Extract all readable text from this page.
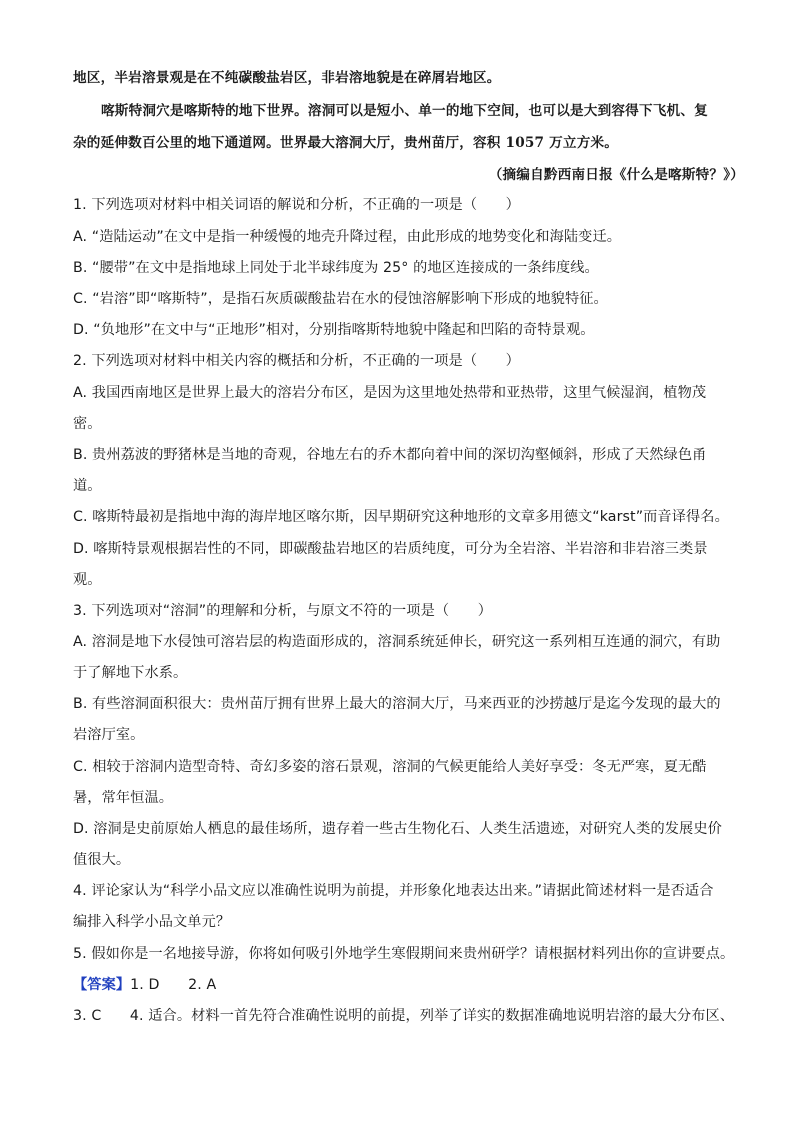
地区，半岩溶景观是在不纯碳酸盐岩区，非岩溶地貌是在碎屑岩地区。
喀斯特洞穴是喀斯特的地下世界。溶洞可以是短小、单一的地下空间，也可以是大到容得下飞机、复
杂的延伸数百公里的地下通道网。世界最大溶洞大厅，贵州苗厅，容积 1057 万立方米。
（摘编自黔西南日报《什么是喀斯特？》）
1. 下列选项对材料中相关词语的解说和分析，不正确的一项是（　　）
A. “造陆运动”在文中是指一种缓慢的地壳升降过程，由此形成的地势变化和海陆变迁。
B. “腰带”在文中是指地球上同处于北半球纬度为 25° 的地区连接成的一条纬度线。
C. “岩溶”即“喀斯特”，是指石灰质碳酸盐岩在水的侵蚀溶解影响下形成的地貌特征。
D. “负地形”在文中与“正地形”相对，分别指喀斯特地貌中隆起和凹陷的奇特景观。
2. 下列选项对材料中相关内容的概括和分析，不正确的一项是（　　）
A. 我国西南地区是世界上最大的溶岩分布区，是因为这里地处热带和亚热带，这里气候湿润，植物茂
密。
B. 贵州荔波的野猪林是当地的奇观，谷地左右的乔木都向着中间的深切沟壑倾斜，形成了天然绿色甬
道。
C. 喀斯特最初是指地中海的海岸地区喀尔斯，因早期研究这种地形的文章多用德文“karst”而音译得名。
D. 喀斯特景观根据岩性的不同，即碳酸盐岩地区的岩质纯度，可分为全岩溶、半岩溶和非岩溶三类景
观。
3. 下列选项对“溶洞”的理解和分析，与原文不符的一项是（　　）
A. 溶洞是地下水侵蚀可溶岩层的构造面形成的，溶洞系统延伸长，研究这一系列相互连通的洞穴，有助
于了解地下水系。
B. 有些溶洞面积很大：贵州苗厅拥有世界上最大的溶洞大厅，马来西亚的沙捞越厅是迄今发现的最大的
岩溶厅室。
C. 相较于溶洞内造型奇特、奇幻多姿的溶石景观，溶洞的气候更能给人美好享受：冬无严寒，夏无酷
暑，常年恒温。
D. 溶洞是史前原始人栖息的最佳场所，遗存着一些古生物化石、人类生活遗迹，对研究人类的发展史价
值很大。
4. 评论家认为“科学小品文应以准确性说明为前提，并形象化地表达出来。”请据此简述材料一是否适合
编排入科学小品文单元？
5. 假如你是一名地接导游，你将如何吸引外地学生寒假期间来贵州研学？请根据材料列出你的宣讲要点。
【答案】1. D　　2. A
3. C　　4. 适合。材料一首先符合准确性说明的前提，列举了详实的数据准确地说明岩溶的最大分布区、
